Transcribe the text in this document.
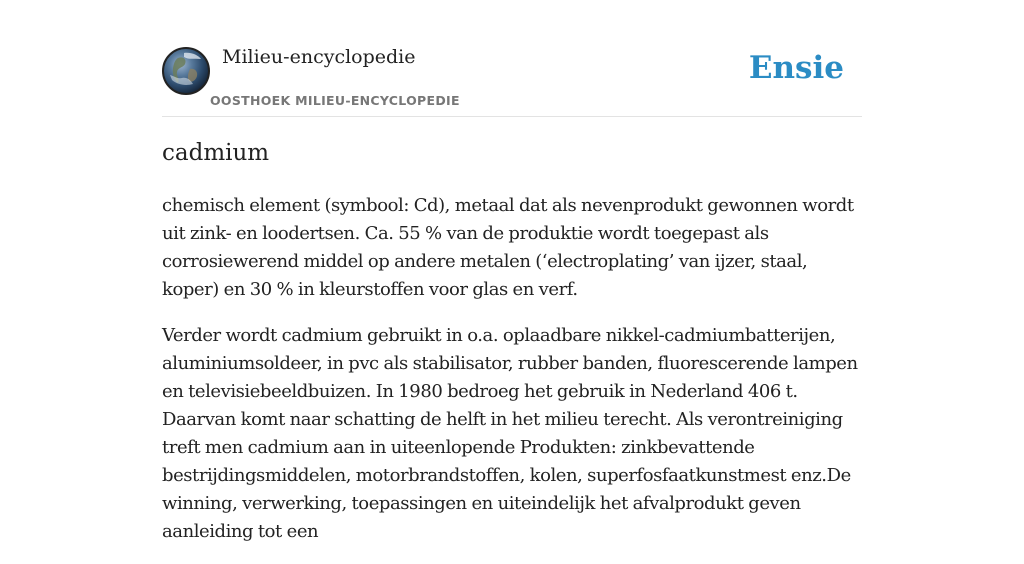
Milieu-encyclopedie
OOSTHOEK MILIEU-ENCYCLOPEDIE
Ensie
cadmium

chemisch element (symbool: Cd), metaal dat als nevenprodukt gewonnen wordt uit zink- en loodertsen. Ca. 55 % van de produktie wordt toegepast als corrosiewerend middel op andere metalen (‘electroplating’ van ijzer, staal, koper) en 30 % in kleurstoffen voor glas en verf.

Verder wordt cadmium gebruikt in o.a. oplaadbare nikkel-cadmiumbatterijen, aluminiumsoldeer, in pvc als stabilisator, rubber banden, fluorescerende lampen en televisiebeeldbuizen. In 1980 bedroeg het gebruik in Nederland 406 t. Daarvan komt naar schatting de helft in het milieu terecht. Als verontreiniging treft men cadmium aan in uiteenlopende Produkten: zinkbevattende bestrijdingsmiddelen, motorbrandstoffen, kolen, superfosfaatkunstmest enz.De winning, verwerking, toepassingen en uiteindelijk het afvalprodukt geven aanleiding tot een
